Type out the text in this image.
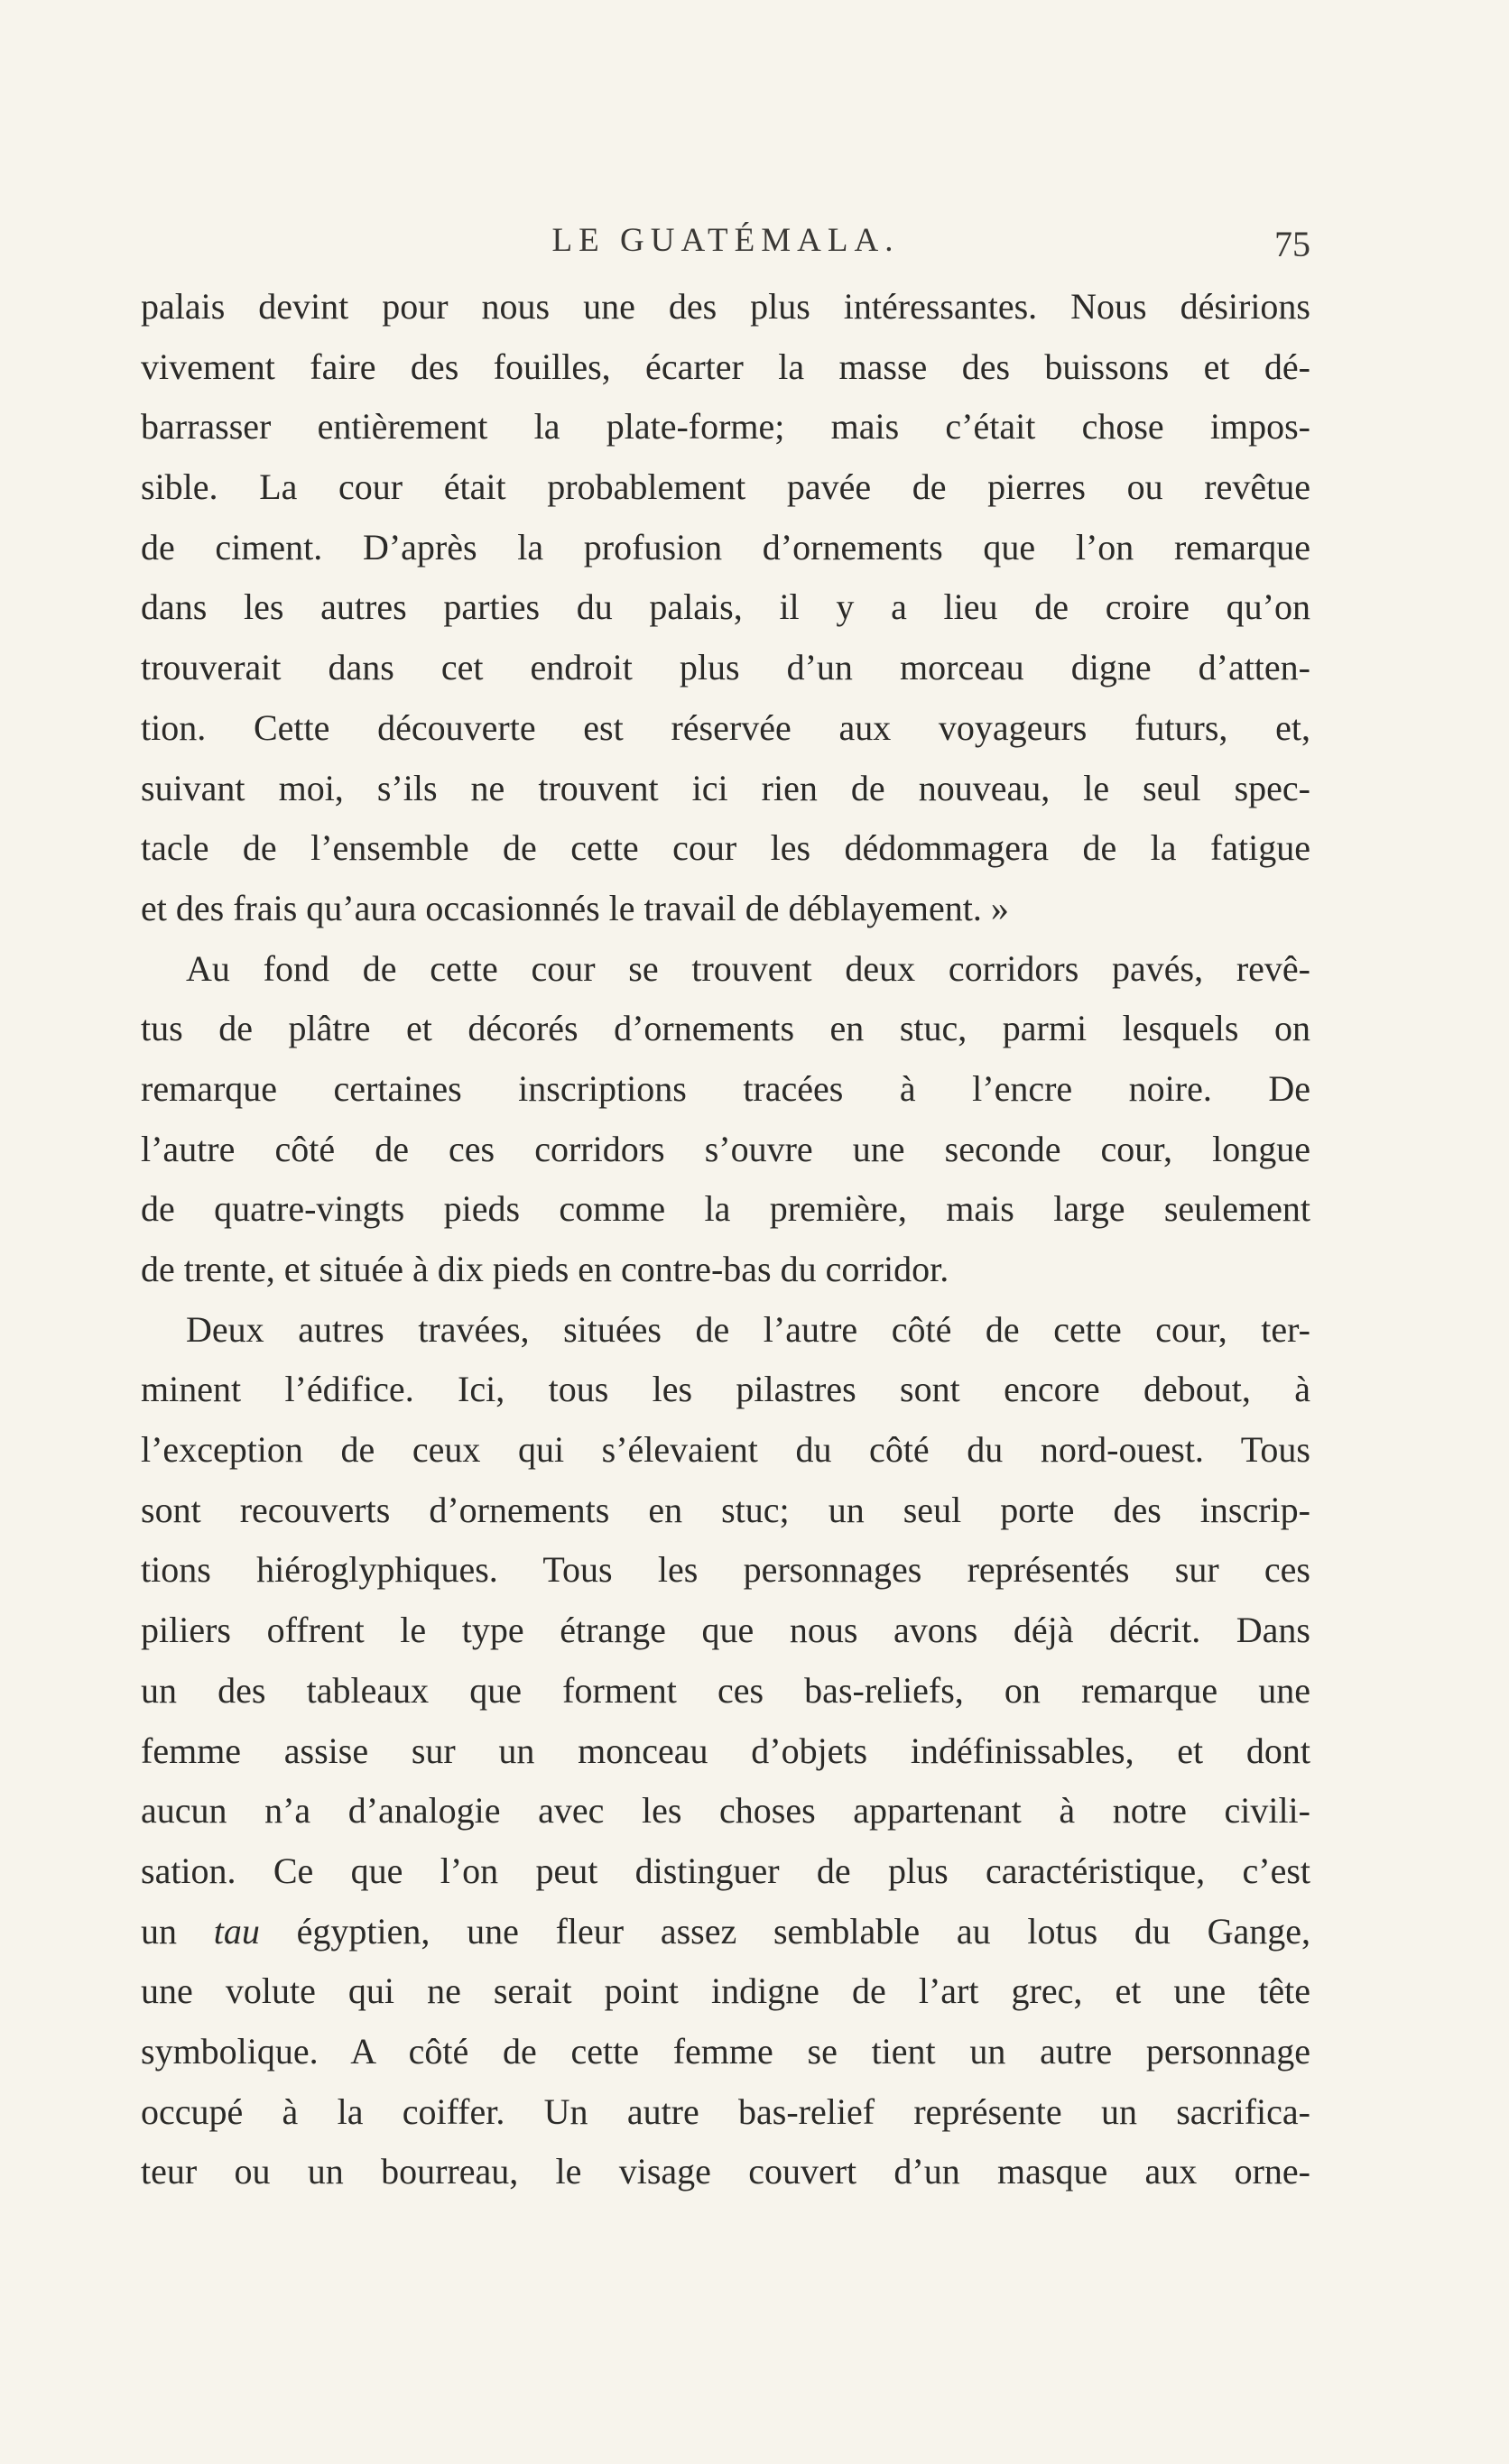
LE GUATÉMALA.	75
palais devint pour nous une des plus intéressantes. Nous désirions
vivement faire des fouilles, écarter la masse des buissons et dé-
barrasser entièrement la plate-forme; mais c’était chose impos-
sible. La cour était probablement pavée de pierres ou revêtue
de ciment. D’après la profusion d’ornements que l’on remarque
dans les autres parties du palais, il y a lieu de croire qu’on
trouverait dans cet endroit plus d’un morceau digne d’atten-
tion. Cette découverte est réservée aux voyageurs futurs, et,
suivant moi, s’ils ne trouvent ici rien de nouveau, le seul spec-
tacle de l’ensemble de cette cour les dédommagera de la fatigue
et des frais qu’aura occasionnés le travail de déblayement. »
Au fond de cette cour se trouvent deux corridors pavés, revê-
tus de plâtre et décorés d’ornements en stuc, parmi lesquels on
remarque certaines inscriptions tracées à l’encre noire. De
l’autre côté de ces corridors s’ouvre une seconde cour, longue
de quatre-vingts pieds comme la première, mais large seulement
de trente, et située à dix pieds en contre-bas du corridor.
Deux autres travées, situées de l’autre côté de cette cour, ter-
minent l’édifice. Ici, tous les pilastres sont encore debout, à
l’exception de ceux qui s’élevaient du côté du nord-ouest. Tous
sont recouverts d’ornements en stuc; un seul porte des inscrip-
tions hiéroglyphiques. Tous les personnages représentés sur ces
piliers offrent le type étrange que nous avons déjà décrit. Dans
un des tableaux que forment ces bas-reliefs, on remarque une
femme assise sur un monceau d’objets indéfinissables, et dont
aucun n’a d’analogie avec les choses appartenant à notre civili-
sation. Ce que l’on peut distinguer de plus caractéristique, c’est
un tau égyptien, une fleur assez semblable au lotus du Gange,
une volute qui ne serait point indigne de l’art grec, et une tête
symbolique. A côté de cette femme se tient un autre personnage
occupé à la coiffer. Un autre bas-relief représente un sacrifica-
teur ou un bourreau, le visage couvert d’un masque aux orne-
